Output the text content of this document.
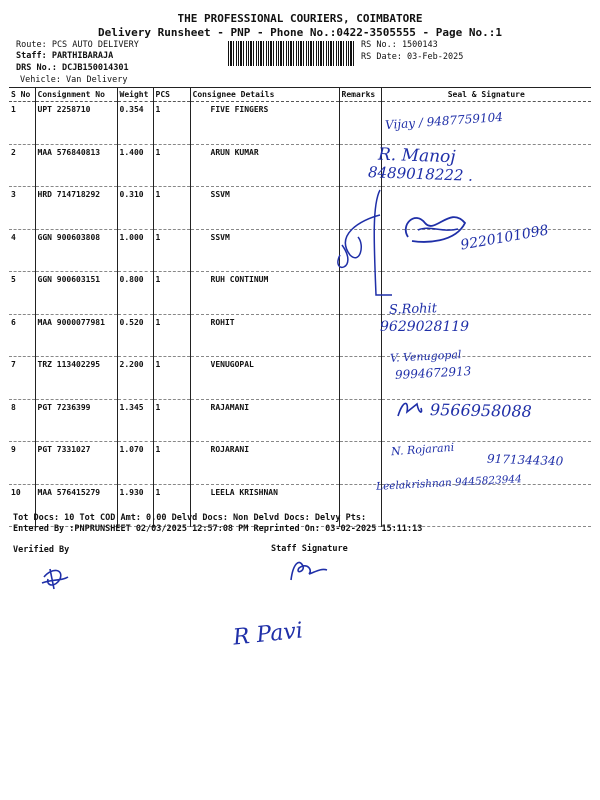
THE PROFESSIONAL COURIERS, COIMBATORE
Delivery Runsheet - PNP - Phone No.:0422-3505555 - Page No.:1
Route: PCS AUTO DELIVERY
Staff: PARTHIBARAJA
DRS No.: DCJB150014301
Vehicle: Van Delivery
RS No.: 1500143
RS Date: 03-Feb-2025
S No	Consignment No	Weight	PCS	Consignee Details	Remarks	Seal & Signature
1	UPT 2258710	0.354	1	FIVE FINGERS		
2	MAA 576840813	1.400	1	ARUN KUMAR		
3	HRD 714718292	0.310	1	SSVM		
4	GGN 900603808	1.000	1	SSVM		
5	GGN 900603151	0.800	1	RUH CONTINUM		
6	MAA 9000077981	0.520	1	ROHIT		
7	TRZ 113402295	2.200	1	VENUGOPAL		
8	PGT 7236399	1.345	1	RAJAMANI		
9	PGT 7331027	1.070	1	ROJARANI		
10	MAA 576415279	1.930	1	LEELA KRISHNAN		
Vijay / 9487759104
R. Manoj
8489018222 .
9220101098
S.Rohit
9629028119
V. Venugopal
9994672913
9566958088
N. Rojarani
9171344340
Leelakrishnan 9445823944
Tot Docs: 10 Tot COD Amt: 0.00 Delvd Docs: Non Delvd Docs: Delvy Pts:
Entered By :PNPRUNSHEET 02/03/2025 12:57:08 PM Reprinted On: 03-02-2025 15:11:13
Verified By	Staff Signature
R Pavi
